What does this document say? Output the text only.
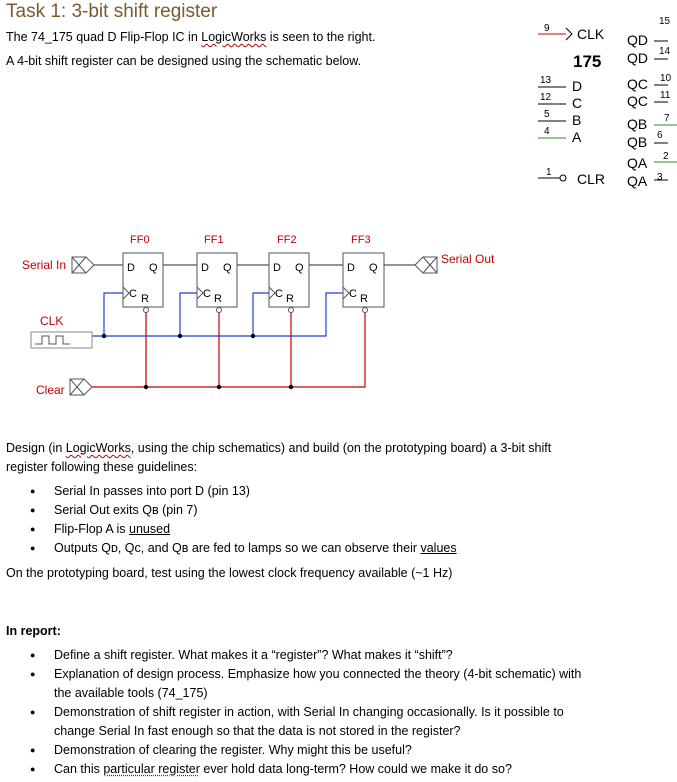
Task 1: 3-bit shift register
The 74_175 quad D Flip-Flop IC in LogicWorks is seen to the right.
A 4-bit shift register can be designed using the schematic below.
9 CLK
175
CLR
1
13 D
12 C
5 B
4 A
QD
15
QD 14
QC 10
QC 11
QB 7
QB 6
QA 2
QA 3
FF0
D Q
C R
FF1
D Q
C R
FF2
D Q
C R
FF3
D Q
C R
Serial In	Serial Out
CLK
Clear
Design (in LogicWorks, using the chip schematics) and build (on the prototyping board) a 3-bit shift
register following these guidelines:
● Serial In passes into port D (pin 13)
● Serial Out exits Qʙ (pin 7)
● Flip-Flop A is unused
● Outputs Qᴅ, Qᴄ, and Qʙ are fed to lamps so we can observe their values
On the prototyping board, test using the lowest clock frequency available (~1 Hz)
In report:
● Define a shift register. What makes it a “register”? What makes it “shift”?
● Explanation of design process. Emphasize how you connected the theory (4-bit schematic) with
the available tools (74_175)
● Demonstration of shift register in action, with Serial In changing occasionally. Is it possible to
change Serial In fast enough so that the data is not stored in the register?
● Demonstration of clearing the register. Why might this be useful?
● Can this particular register ever hold data long-term? How could we make it do so?
